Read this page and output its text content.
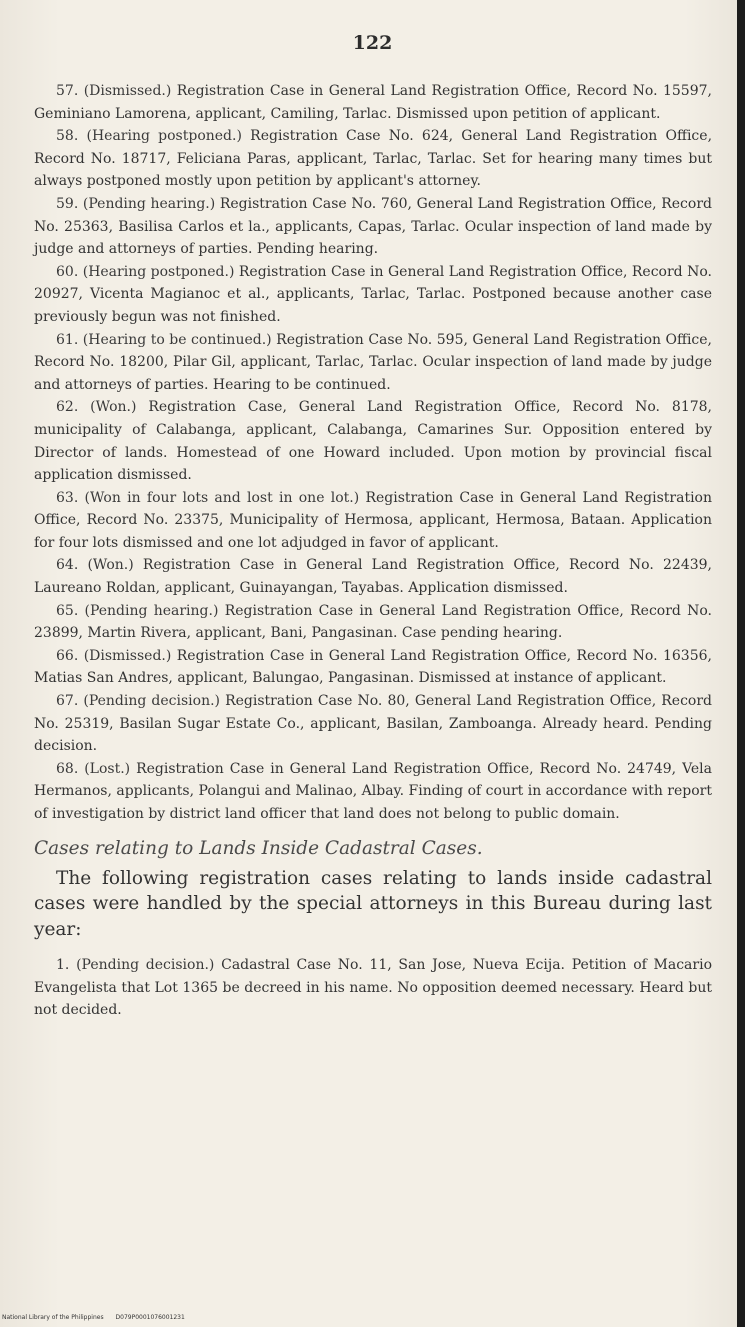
122

57. (Dismissed.) Registration Case in General Land Registration Office, Record No. 15597, Geminiano Lamorena, applicant, Camiling, Tarlac. Dismissed upon petition of applicant.

58. (Hearing postponed.) Registration Case No. 624, General Land Registration Office, Record No. 18717, Feliciana Paras, applicant, Tarlac, Tarlac. Set for hearing many times but always postponed mostly upon petition by applicant's attorney.

59. (Pending hearing.) Registration Case No. 760, General Land Registration Office, Record No. 25363, Basilisa Carlos et la., applicants, Capas, Tarlac. Ocular inspection of land made by judge and attorneys of parties. Pending hearing.

60. (Hearing postponed.) Registration Case in General Land Registration Office, Record No. 20927, Vicenta Magianoc et al., applicants, Tarlac, Tarlac. Postponed because another case previously begun was not finished.

61. (Hearing to be continued.) Registration Case No. 595, General Land Registration Office, Record No. 18200, Pilar Gil, applicant, Tarlac, Tarlac. Ocular inspection of land made by judge and attorneys of parties. Hearing to be continued.

62. (Won.) Registration Case, General Land Registration Office, Record No. 8178, municipality of Calabanga, applicant, Calabanga, Camarines Sur. Opposition entered by Director of lands. Homestead of one Howard included. Upon motion by provincial fiscal application dismissed.

63. (Won in four lots and lost in one lot.) Registration Case in General Land Registration Office, Record No. 23375, Municipality of Hermosa, applicant, Hermosa, Bataan. Application for four lots dismissed and one lot adjudged in favor of applicant.

64. (Won.) Registration Case in General Land Registration Office, Record No. 22439, Laureano Roldan, applicant, Guinayangan, Tayabas. Application dismissed.

65. (Pending hearing.) Registration Case in General Land Registration Office, Record No. 23899, Martin Rivera, applicant, Bani, Pangasinan. Case pending hearing.

66. (Dismissed.) Registration Case in General Land Registration Office, Record No. 16356, Matias San Andres, applicant, Balungao, Pangasinan. Dismissed at instance of applicant.

67. (Pending decision.) Registration Case No. 80, General Land Registration Office, Record No. 25319, Basilan Sugar Estate Co., applicant, Basilan, Zamboanga. Already heard. Pending decision.

68. (Lost.) Registration Case in General Land Registration Office, Record No. 24749, Vela Hermanos, applicants, Polangui and Malinao, Albay. Finding of court in accordance with report of investigation by district land officer that land does not belong to public domain.

Cases relating to Lands Inside Cadastral Cases.

The following registration cases relating to lands inside cadastral cases were handled by the special attorneys in this Bureau during last year:

1. (Pending decision.) Cadastral Case No. 11, San Jose, Nueva Ecija. Petition of Macario Evangelista that Lot 1365 be decreed in his name. No opposition deemed necessary. Heard but not decided.

National Library of the Philippines D079P0001076001231
